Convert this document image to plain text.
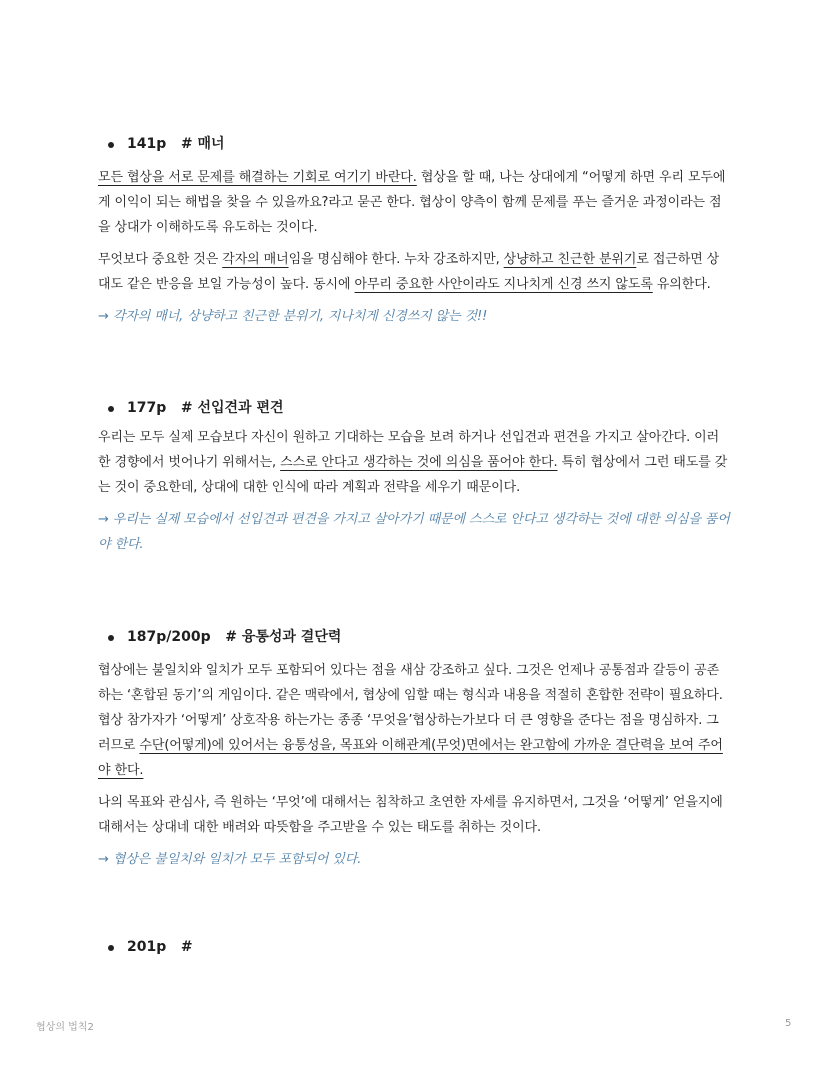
141p # 매너

모든 협상을 서로 문제를 해결하는 기회로 여기기 바란다. 협상을 할 때, 나는 상대에게 “어떻게 하면 우리 모두에게 이익이 되는 해법을 찾을 수 있을까요?라고 묻곤 한다. 협상이 양측이 함께 문제를 푸는 즐거운 과정이라는 점을 상대가 이해하도록 유도하는 것이다.

무엇보다 중요한 것은 각자의 매너임을 명심해야 한다. 누차 강조하지만, 상냥하고 친근한 분위기로 접근하면 상대도 같은 반응을 보일 가능성이 높다. 동시에 아무리 중요한 사안이라도 지나치게 신경 쓰지 않도록 유의한다.

→ 각자의 매너, 상냥하고 친근한 분위기, 지나치게 신경쓰지 않는 것!!

177p # 선입견과 편견

우리는 모두 실제 모습보다 자신이 원하고 기대하는 모습을 보려 하거나 선입견과 편견을 가지고 살아간다. 이러한 경향에서 벗어나기 위해서는, 스스로 안다고 생각하는 것에 의심을 품어야 한다. 특히 협상에서 그런 태도를 갖는 것이 중요한데, 상대에 대한 인식에 따라 계획과 전략을 세우기 때문이다.

→ 우리는 실제 모습에서 선입견과 편견을 가지고 살아가기 때문에 스스로 안다고 생각하는 것에 대한 의심을 품어야 한다.

187p/200p # 융통성과 결단력

협상에는 불일치와 일치가 모두 포함되어 있다는 점을 새삼 강조하고 싶다. 그것은 언제나 공통점과 갈등이 공존하는 ‘혼합된 동기’의 게임이다. 같은 맥락에서, 협상에 임할 때는 형식과 내용을 적절히 혼합한 전략이 필요하다. 협상 참가자가 ‘어떻게’ 상호작용 하는가는 종종 ‘무엇을’협상하는가보다 더 큰 영향을 준다는 점을 명심하자. 그러므로 수단(어떻게)에 있어서는 융통성을, 목표와 이해관계(무엇)면에서는 완고함에 가까운 결단력을 보여 주어야 한다.

나의 목표와 관심사, 즉 원하는 ‘무엇’에 대해서는 침착하고 초연한 자세를 유지하면서, 그것을 ‘어떻게’ 얻을지에 대해서는 상대네 대한 배려와 따뜻함을 주고받을 수 있는 태도를 취하는 것이다.

→ 협상은 불일치와 일치가 모두 포함되어 있다.

201p #
협상의 법칙2	5
